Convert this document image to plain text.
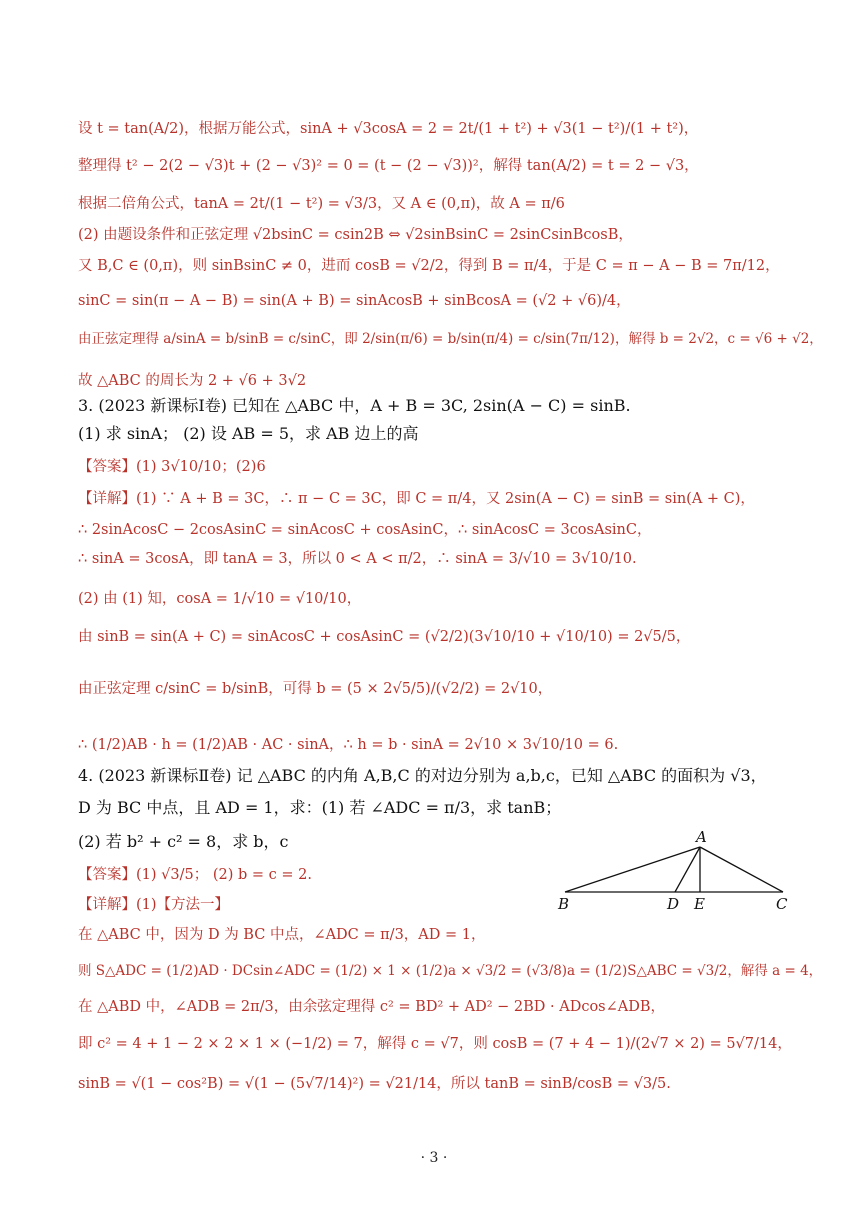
设 t = tan(A/2)，根据万能公式，sinA + √3cosA = 2 = 2t/(1 + t²) + √3(1 − t²)/(1 + t²)，
整理得 t² − 2(2 − √3)t + (2 − √3)² = 0 = (t − (2 − √3))²，解得 tan(A/2) = t = 2 − √3，
根据二倍角公式，tanA = 2t/(1 − t²) = √3/3，又 A ∈ (0,π)，故 A = π/6
(2) 由题设条件和正弦定理 √2bsinC = csin2B ⇔ √2sinBsinC = 2sinCsinBcosB，
又 B,C ∈ (0,π)，则 sinBsinC ≠ 0，进而 cosB = √2/2，得到 B = π/4，于是 C = π − A − B = 7π/12，
sinC = sin(π − A − B) = sin(A + B) = sinAcosB + sinBcosA = (√2 + √6)/4，
由正弦定理得 a/sinA = b/sinB = c/sinC，即 2/sin(π/6) = b/sin(π/4) = c/sin(7π/12)，解得 b = 2√2，c = √6 + √2，
故 △ABC 的周长为 2 + √6 + 3√2
3. (2023 新课标Ⅰ卷) 已知在 △ABC 中，A + B = 3C, 2sin(A − C) = sinB.
(1) 求 sinA； (2) 设 AB = 5，求 AB 边上的高
【答案】(1) 3√10/10；(2)6
【详解】(1) ∵ A + B = 3C，∴ π − C = 3C，即 C = π/4，又 2sin(A − C) = sinB = sin(A + C)，
∴ 2sinAcosC − 2cosAsinC = sinAcosC + cosAsinC，∴ sinAcosC = 3cosAsinC，
∴ sinA = 3cosA，即 tanA = 3，所以 0 < A < π/2，∴ sinA = 3/√10 = 3√10/10.
(2) 由 (1) 知，cosA = 1/√10 = √10/10，
由 sinB = sin(A + C) = sinAcosC + cosAsinC = (√2/2)(3√10/10 + √10/10) = 2√5/5，
由正弦定理 c/sinC = b/sinB，可得 b = (5 × 2√5/5)/(√2/2) = 2√10，
∴ (1/2)AB · h = (1/2)AB · AC · sinA，∴ h = b · sinA = 2√10 × 3√10/10 = 6.
4. (2023 新课标Ⅱ卷) 记 △ABC 的内角 A,B,C 的对边分别为 a,b,c，已知 △ABC 的面积为 √3，
D 为 BC 中点，且 AD = 1，求：(1) 若 ∠ADC = π/3，求 tanB；
(2) 若 b² + c² = 8，求 b，c
【答案】(1) √3/5； (2) b = c = 2.
【详解】(1)【方法一】
在 △ABC 中，因为 D 为 BC 中点，∠ADC = π/3，AD = 1，
则 S△ADC = (1/2)AD · DCsin∠ADC = (1/2) × 1 × (1/2)a × √3/2 = (√3/8)a = (1/2)S△ABC = √3/2，解得 a = 4，
在 △ABD 中，∠ADB = 2π/3，由余弦定理得 c² = BD² + AD² − 2BD · ADcos∠ADB，
即 c² = 4 + 1 − 2 × 2 × 1 × (−1/2) = 7，解得 c = √7，则 cosB = (7 + 4 − 1)/(2√7 × 2) = 5√7/14，
sinB = √(1 − cos²B) = √(1 − (5√7/14)²) = √21/14，所以 tanB = sinB/cosB = √3/5.
A
B	C
D E
· 3 ·
